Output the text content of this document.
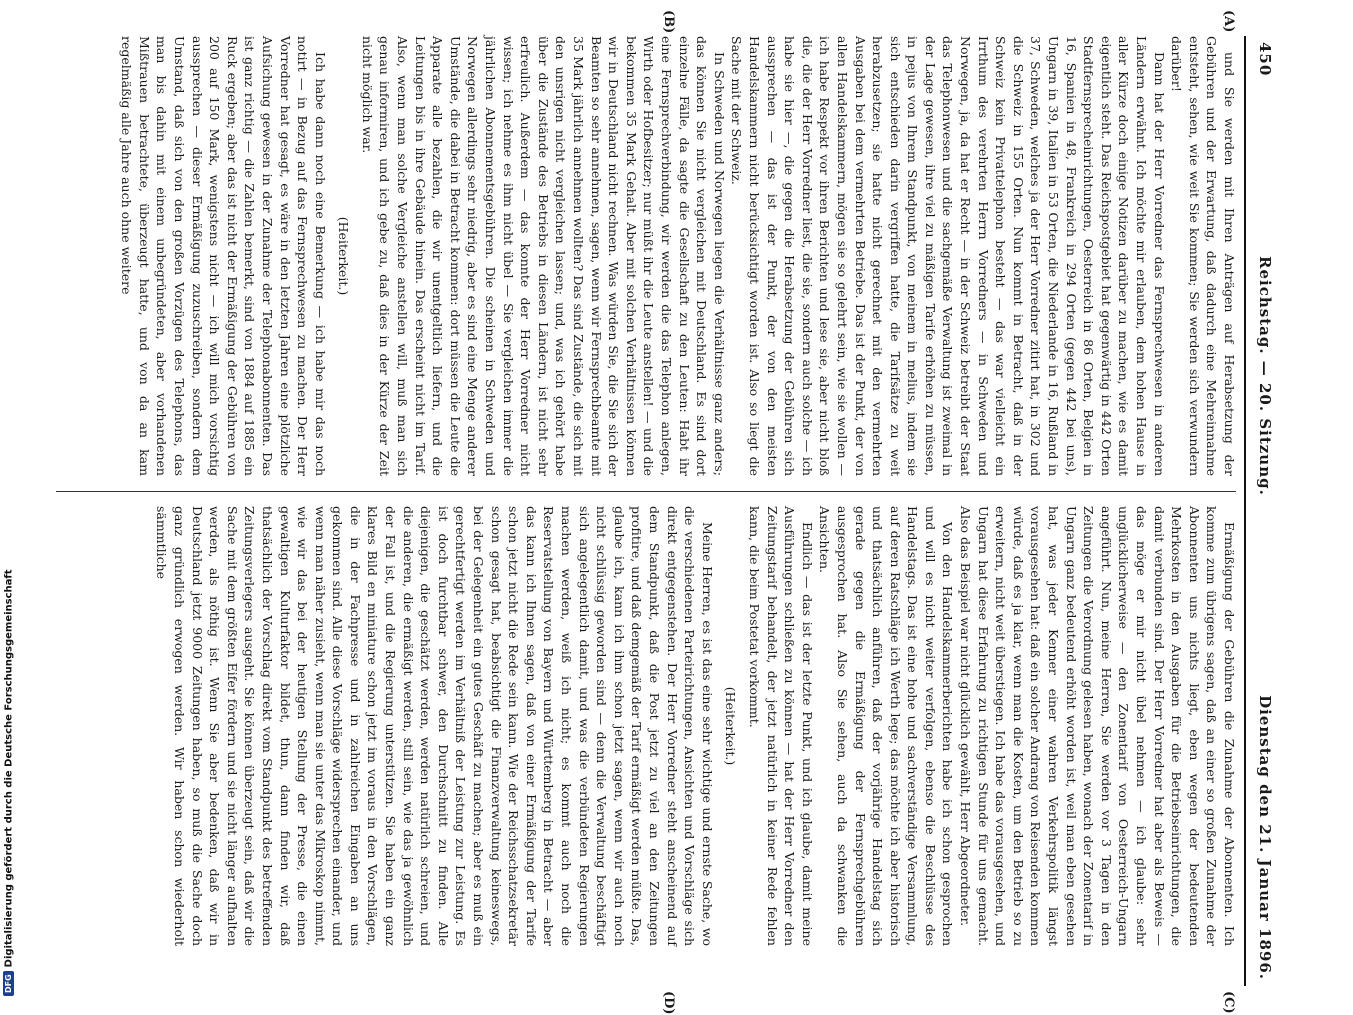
450
Reichstag. — 20. Sitzung.
Dienstag den 21. Januar 1896.
(A)
(B)
(C)
(D)

und Sie werden mit Ihren Anträgen auf Herabsetzung der Gebühren und der Erwartung, daß dadurch eine Mehreinnahme entsteht, sehen, wie weit Sie kommen; Sie werden sich verwundern darüber!

Dann hat der Herr Vorredner das Fernsprechwesen in anderen Ländern erwähnt. Ich möchte mir erlauben, dem hohen Hause in aller Kürze doch einige Notizen darüber zu machen, wie es damit eigentlich steht. Das Reichspostgebiet hat gegenwärtig in 442 Orten Stadtfernsprecheinrichtungen, Oesterreich in 86 Orten, Belgien in 16, Spanien in 48, Frankreich in 294 Orten (gegen 442 bei uns), Ungarn in 39, Italien in 53 Orten, die Niederlande in 16, Rußland in 37, Schweden, welches ja der Herr Vorredner zitirt hat, in 302 und die Schweiz in 155 Orten. Nun kommt in Betracht, daß in der Schweiz kein Privattelephon besteht — das war vielleicht ein Irrthum des verehrten Herrn Vorredners — in Schweden und Norwegen, ja, da hat er Recht — in der Schweiz betreibt der Staat das Telephonwesen und die sachgemäße Verwaltung ist zweimal in der Lage gewesen, ihre viel zu mäßigen Tarife erhöhen zu müssen, in pejus von Ihrem Standpunkt, von meinem in melius, indem sie sich entschieden darin vergriffen hatte, die Tarifsätze zu weit herabzusetzen; sie hatte nicht gerechnet mit den vermehrten Ausgaben bei dem vermehrten Betriebe. Das ist der Punkt, der von allen Handelskammern, mögen sie so gelehrt sein, wie sie wollen — ich habe Respekt vor ihren Berichten und lese sie, aber nicht bloß die, die der Herr Vorredner liest, die sie, sondern auch solche — ich habe sie hier —, die gegen die Herabsetzung der Gebühren sich aussprechen — das ist der Punkt, der von den meisten Handelskammern nicht berücksichtigt worden ist. Also so liegt die Sache mit der Schweiz.

In Schweden und Norwegen liegen die Verhältnisse ganz anders; das können Sie nicht vergleichen mit Deutschland. Es sind dort einzelne Fälle, da sagte die Gesellschaft zu den Leuten: Habt ihr eine Fernsprechverbindung, wir werden die das Telephon anlegen, Wirth oder Hofbesitzer; nur müßt ihr die Leute anstellen! — und die bekommen 35 Mark Gehalt. Aber mit solchen Verhältnissen können wir in Deutschland nicht rechnen. Was würden Sie, die Sie sich der Beamten so sehr annehmen, sagen, wenn wir Fernsprechbeamte mit 35 Mark jährlich annehmen wollten? Das sind Zustände, die sich mit den unsrigen nicht vergleichen lassen; und, was ich gehört habe über die Zustände des Betriebs in diesen Ländern, ist nicht sehr erfreulich. Außerdem — das konnte der Herr Vorredner nicht wissen; ich nehme es ihm nicht übel — Sie vergleichen immer die jährlichen Abonnementsgebühren. Die scheinen in Schweden und Norwegen allerdings sehr niedrig, aber es sind eine Menge anderer Umstände, die dabei in Betracht kommen: dort müssen die Leute die Apparate alle bezahlen, die wir unentgeltlich liefern, und die Leitungen bis in ihre Gebäude hinein. Das erscheint nicht im Tarif. Also, wenn man solche Vergleiche anstellen will, muß man sich genau informiren, und ich gebe zu, daß dies in der Kürze der Zeit nicht möglich war.

(Heiterkeit.)

Ich habe dann noch eine Bemerkung — ich habe mir das noch notirt — in Bezug auf das Fernsprechwesen zu machen. Der Herr Vorredner hat gesagt, es wäre in den letzten Jahren eine plötzliche Aufsichung gewesen in der Zunahme der Telephonabonnenten. Das ist ganz richtig — die Zahlen bemerkt, sind von 1884 auf 1885 ein Ruck ergeben; aber das ist nicht der Ermäßigung der Gebühren von 200 auf 150 Mark, wenigstens nicht — ich will mich vorsichtig aussprechen — dieser Ermäßigung zuzuschreiben, sondern dem Umstand, daß sich von den großen Vorzügen des Telephons, das man bis dahin mit einem unbegründeten, aber vorhandenen Mißtrauen betrachtete, überzeugt hatte, und von da an kam regelmäßig alle Jahre auch ohne weitere

Ermäßigung der Gebühren die Zunahme der Abonnenten. Ich komme zum übrigens sagen, daß an einer so großen Zunahme der Abonnenten uns nichts liegt, eben wegen der bedeutenden Mehrkosten in den Ausgaben für die Betriebseinrichtungen, die damit verbunden sind. Der Herr Vorredner hat aber als Beweis — das möge er mir nicht übel nehmen — ich glaube: sehr unglücklicherweise — den Zonentarif von Oesterreich-Ungarn angeführt. Nun, meine Herren, Sie werden vor 3 Tagen in den Zeitungen die Verordnung gelesen haben, wonach der Zonentarif in Ungarn ganz bedeutend erhöht worden ist, weil man eben gesehen hat, was jeder Kenner einer wahren Verkehrspolitik längst vorausgesehen hat: daß ein solcher Andrang von Reisenden kommen würde, daß es ja klar, wenn man die Kosten, um den Betrieb so zu erweitern, nicht weit überstiegen. Ich habe das vorausgesehen, und Ungarn hat diese Erfahrung zu richtigen Stunde für uns gemacht. Also das Beispiel war nicht glücklich gewählt, Herr Abgeordneter.

Von den Handelskammerberichten habe ich schon gesprochen und will es nicht weiter verfolgen, ebenso die Beschlüsse des Handelstags. Das ist eine hohe und sachverständige Versammlung, auf deren Ratschläge ich Werth lege; das möchte ich aber historisch und thatsächlich anführen, daß der vorjährige Handelstag sich gerade gegen die Ermäßigung der Fernsprechgebühren ausgesprochen hat. Also Sie sehen, auch da schwanken die Ansichten.

Endlich — das ist der letzte Punkt, und ich glaube, damit meine Ausführungen schließen zu können — hat der Herr Vorredner den Zeitungstarif behandelt, der jetzt natürlich in keiner Rede fehlen kann, die beim Postetat vorkommt.

(Heiterkeit.)

Meine Herren, es ist das eine sehr wichtige und ernste Sache, wo die verschiedenen Parteirichtungen, Ansichten und Vorschläge sich direkt entgegenstehen. Der Herr Vorredner steht anscheinend auf dem Standpunkt, daß die Post jetzt zu viel an den Zeitungen profitire, und daß demgemäß der Tarif ermäßigt werden müßte. Das, glaube ich, kann ich ihm schon jetzt sagen, wenn wir auch noch nicht schlüssig geworden sind — denn die Verwaltung beschäftigt sich angelegentlich damit, und was die verbündeten Regierungen machen werden, weiß ich nicht; es kommt auch noch die Reservatstellung von Bayern und Württemberg in Betracht — aber das kann ich Ihnen sagen, daß von einer Ermäßigung der Tarife schon jetzt nicht die Rede sein kann. Wie der Reichsschatzsekretär schon gesagt hat, beabsichtigt die Finanzverwaltung keineswegs, bei der Gelegenheit ein gutes Geschäft zu machen; aber es muß ein gerechtfertigt werden im Verhältniß der Leistung zur Leistung. Es ist doch furchtbar schwer, den Durchschnitt zu finden. Alle diejenigen, die geschätzt werden, werden natürlich schreien, und die anderen, die ermäßigt werden, still sein, wie das ja gewöhnlich der Fall ist, und die Regierung unterstützen. Sie haben ein ganz klares Bild en miniature schon jetzt im voraus in den Vorschlägen, die in der Fachpresse und in zahlreichen Eingaben an uns gekommen sind. Alle diese Vorschläge widersprechen einander, und wenn man näher zusieht, wenn man sie unter das Mikroskop nimmt, wie wir das bei der heutigen Stellung der Presse, die einen gewaltigen Kulturfaktor bildet, thun, dann finden wir, daß thatsächlich der Vorschlag direkt vom Standpunkt des betreffenden Zeitungsverlegers ausgeht. Sie können überzeugt sein, daß wir die Sache mit dem größten Eifer fördern und sie nicht länger aufhalten werden, als nöthig ist. Wenn Sie aber bedenken, daß wir in Deutschland jetzt 9000 Zeitungen haben, so muß die Sache doch ganz gründlich erwogen werden. Wir haben schon wiederholt sämmtliche

DFGDigitalisierung gefördert durch die Deutsche Forschungsgemeinschaft
